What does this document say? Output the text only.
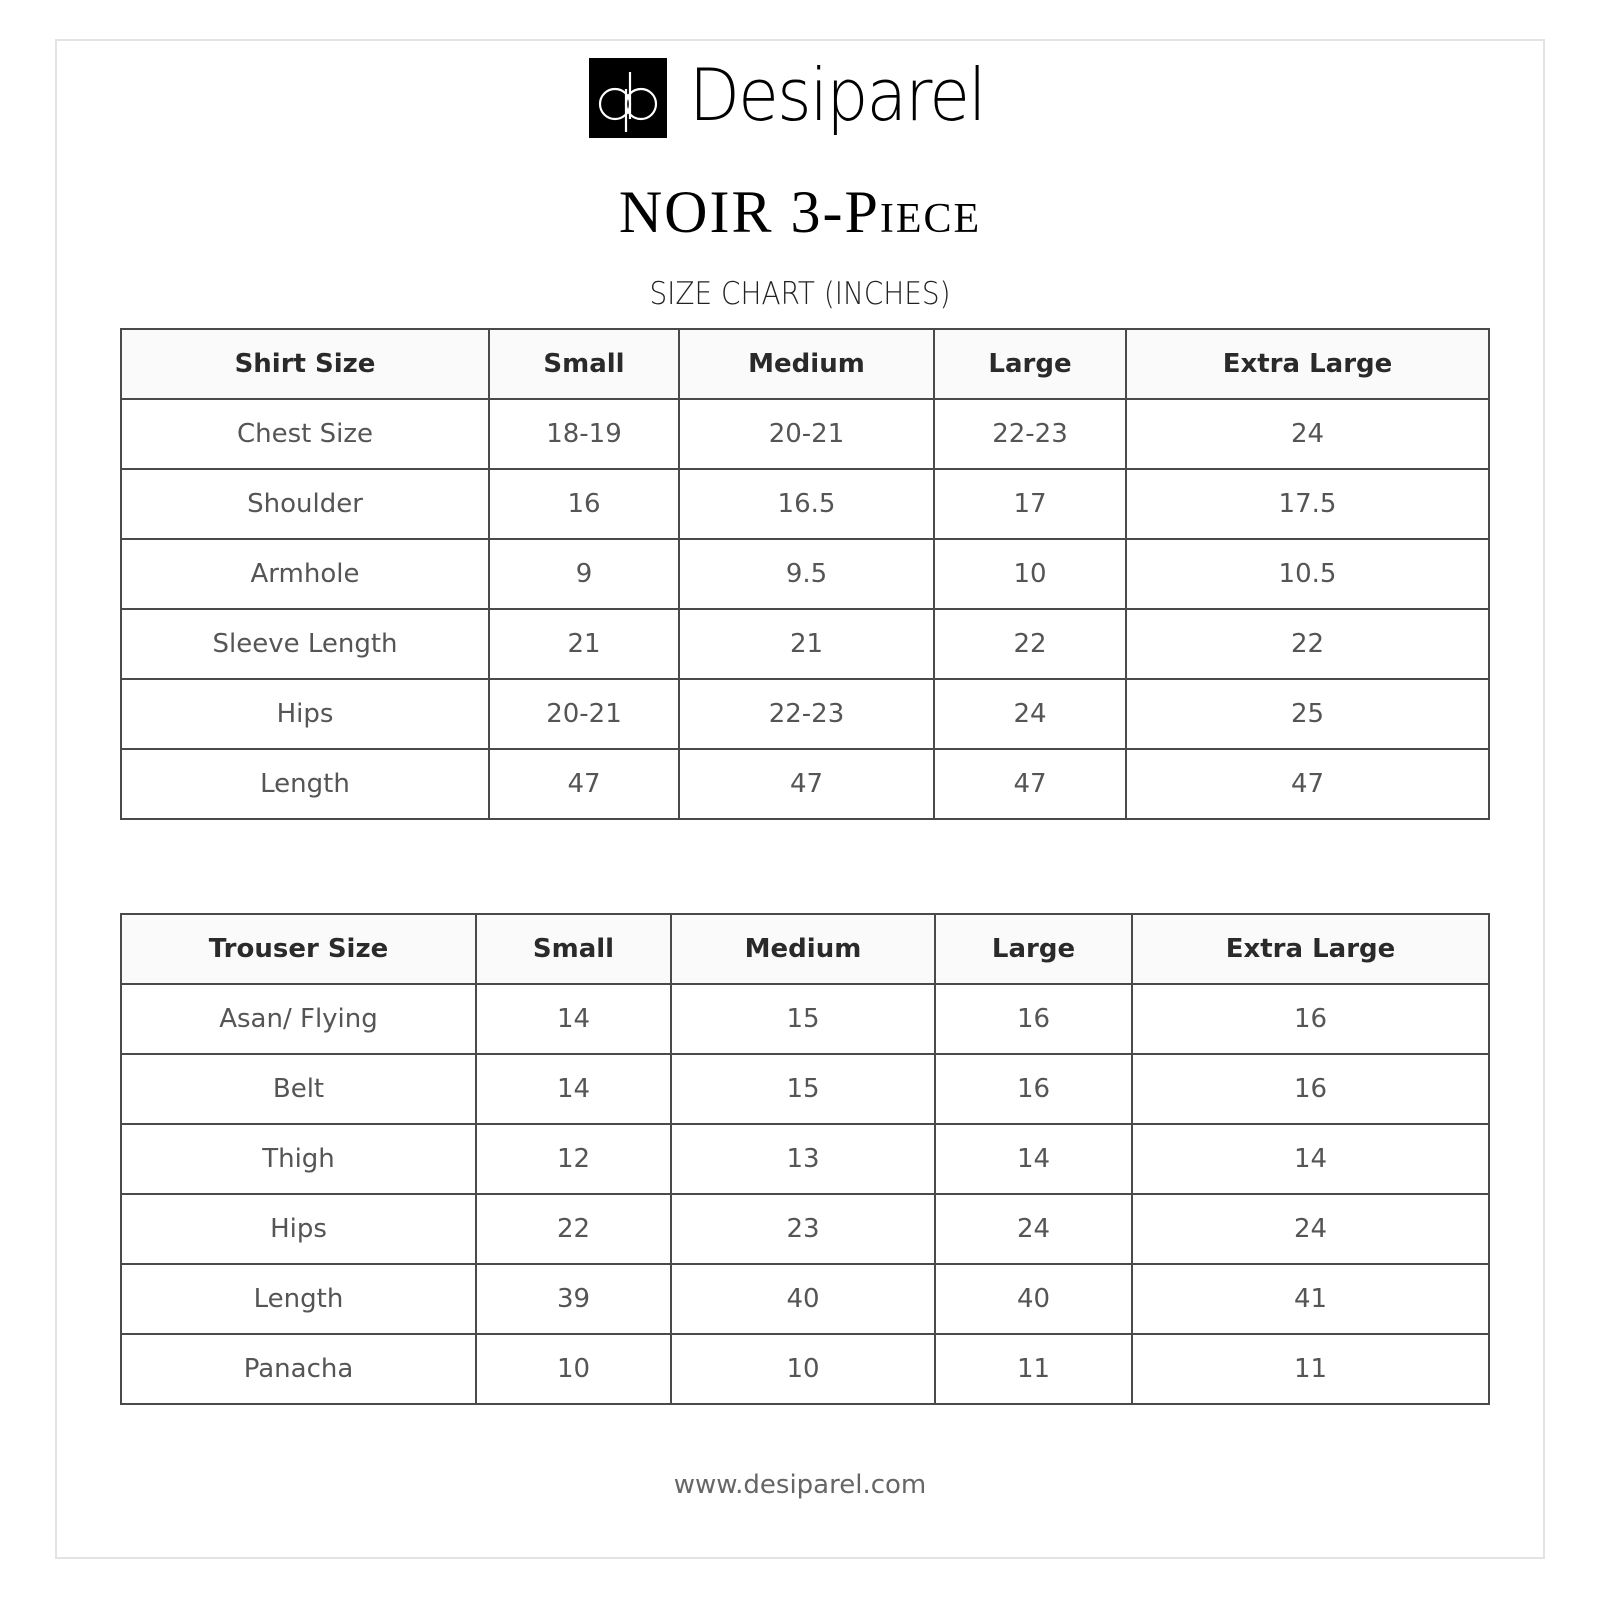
Desiparel
NOIR 3-Piece
SIZE CHART (INCHES)
Shirt Size	Small	Medium	Large	Extra Large
Chest Size	18-19	20-21	22-23	24
Shoulder	16	16.5	17	17.5
Armhole	9	9.5	10	10.5
Sleeve Length	21	21	22	22
Hips	20-21	22-23	24	25
Length	47	47	47	47
Trouser Size	Small	Medium	Large	Extra Large
Asan/ Flying	14	15	16	16
Belt	14	15	16	16
Thigh	12	13	14	14
Hips	22	23	24	24
Length	39	40	40	41
Panacha	10	10	11	11
www.desiparel.com
